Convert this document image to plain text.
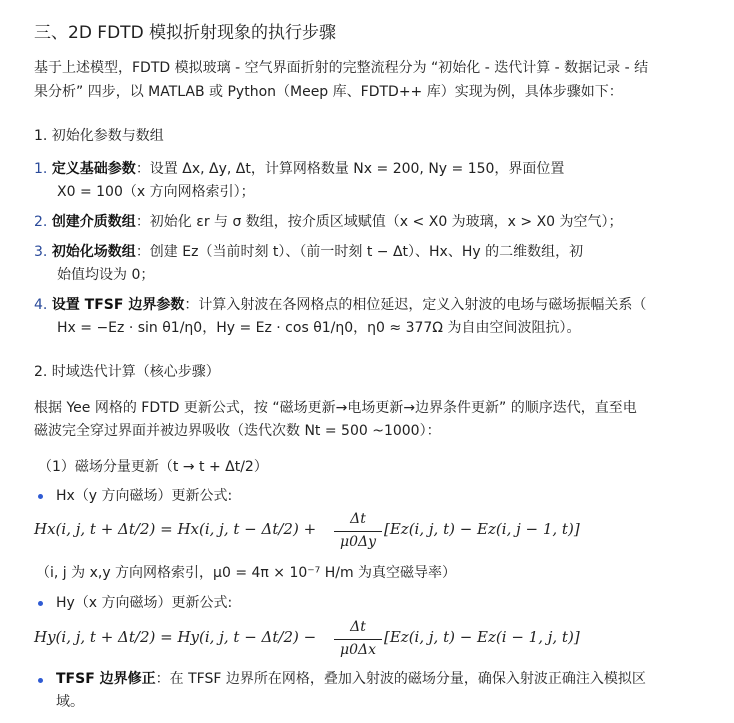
三、2D FDTD 模拟折射现象的执行步骤
基于上述模型，FDTD 模拟玻璃 - 空气界面折射的完整流程分为 “初始化 - 迭代计算 - 数据记录 - 结
果分析” 四步，以 MATLAB 或 Python（Meep 库、FDTD++ 库）实现为例，具体步骤如下：
1. 初始化参数与数组
1. 定义基础参数：设置 Δx, Δy, Δt，计算网格数量 Nx = 200, Ny = 150，界面位置
X0 = 100（x 方向网格索引）；
2. 创建介质数组：初始化 εr 与 σ 数组，按介质区域赋值（x < X0 为玻璃，x > X0 为空气）；
3. 初始化场数组：创建 Ez（当前时刻 t）、（前一时刻 t − Δt）、Hx、Hy 的二维数组，初
始值均设为 0；
4. 设置 TFSF 边界参数：计算入射波在各网格点的相位延迟，定义入射波的电场与磁场振幅关系（
Hx = −Ez · sin θ1/η0，Hy = Ez · cos θ1/η0，η0 ≈ 377Ω 为自由空间波阻抗）。
2. 时域迭代计算（核心步骤）
根据 Yee 网格的 FDTD 更新公式，按 “磁场更新→电场更新→边界条件更新” 的顺序迭代，直至电
磁波完全穿过界面并被边界吸收（迭代次数 Nt = 500 ~1000）：
（1）磁场分量更新（t → t + Δt/2）
Hx（y 方向磁场）更新公式:
Hx(i, j, t + Δt/2) = Hx(i, j, t − Δt/2) +
Δt
μ0Δy
[Ez(i, j, t) − Ez(i, j − 1, t)]
（i, j 为 x,y 方向网格索引，μ0 = 4π × 10⁻⁷ H/m 为真空磁导率）
Hy（x 方向磁场）更新公式:
Hy(i, j, t + Δt/2) = Hy(i, j, t − Δt/2) −
Δt
μ0Δx
[Ez(i, j, t) − Ez(i − 1, j, t)]
TFSF 边界修正：在 TFSF 边界所在网格，叠加入射波的磁场分量，确保入射波正确注入模拟区
域。
